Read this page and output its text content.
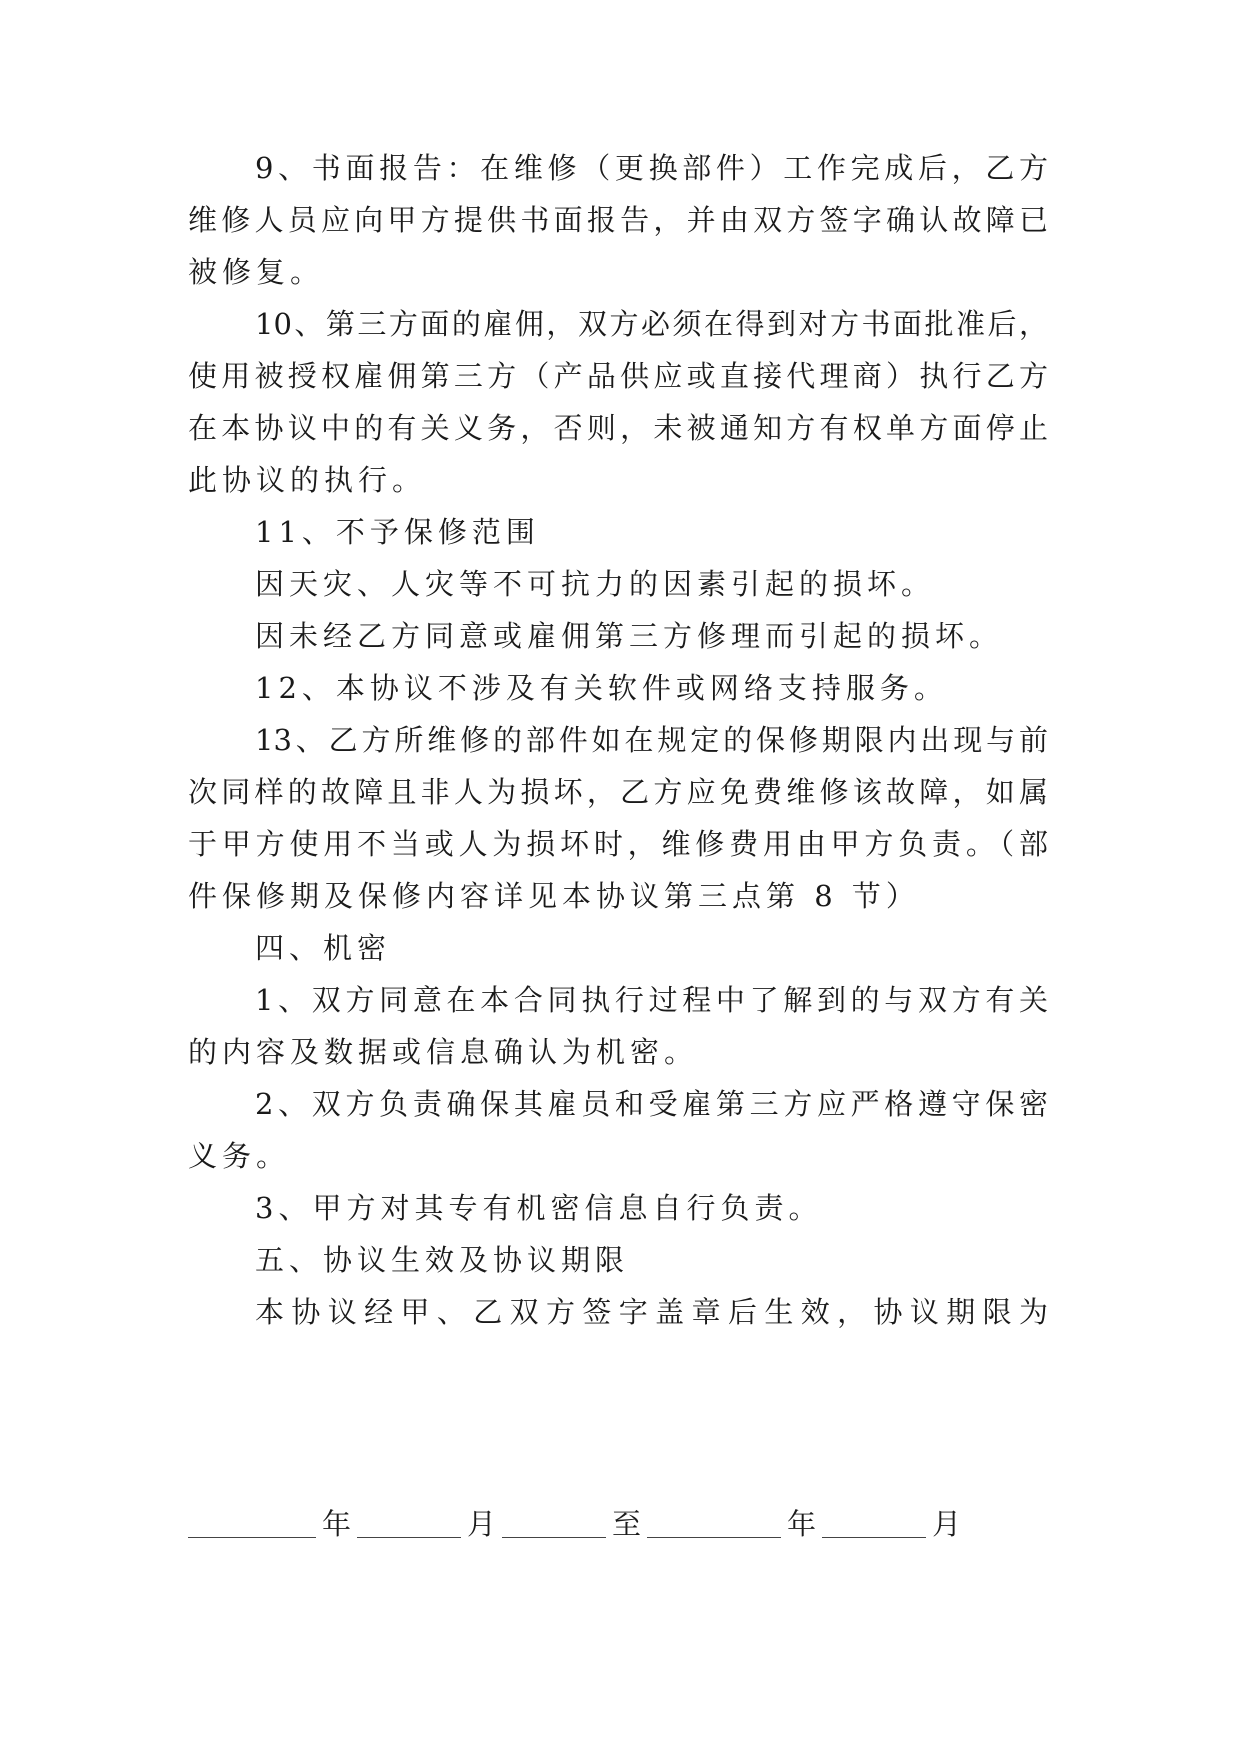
9、书面报告：在维修（更换部件）工作完成后，乙方
维修人员应向甲方提供书面报告，并由双方签字确认故障已
被修复。
10、第三方面的雇佣，双方必须在得到对方书面批准后，
使用被授权雇佣第三方（产品供应或直接代理商）执行乙方
在本协议中的有关义务，否则，未被通知方有权单方面停止
此协议的执行。
11、不予保修范围
因天灾、人灾等不可抗力的因素引起的损坏。
因未经乙方同意或雇佣第三方修理而引起的损坏。
12、本协议不涉及有关软件或网络支持服务。
13、乙方所维修的部件如在规定的保修期限内出现与前
次同样的故障且非人为损坏，乙方应免费维修该故障，如属
于甲方使用不当或人为损坏时，维修费用由甲方负责。（部
件保修期及保修内容详见本协议第三点第 8 节）
四、机密
1、双方同意在本合同执行过程中了解到的与双方有关
的内容及数据或信息确认为机密。
2、双方负责确保其雇员和受雇第三方应严格遵守保密
义务。
3、甲方对其专有机密信息自行负责。
五、协议生效及协议期限
本协议经甲、乙双方签字盖章后生效，协议期限为
年	月	至	年	月
